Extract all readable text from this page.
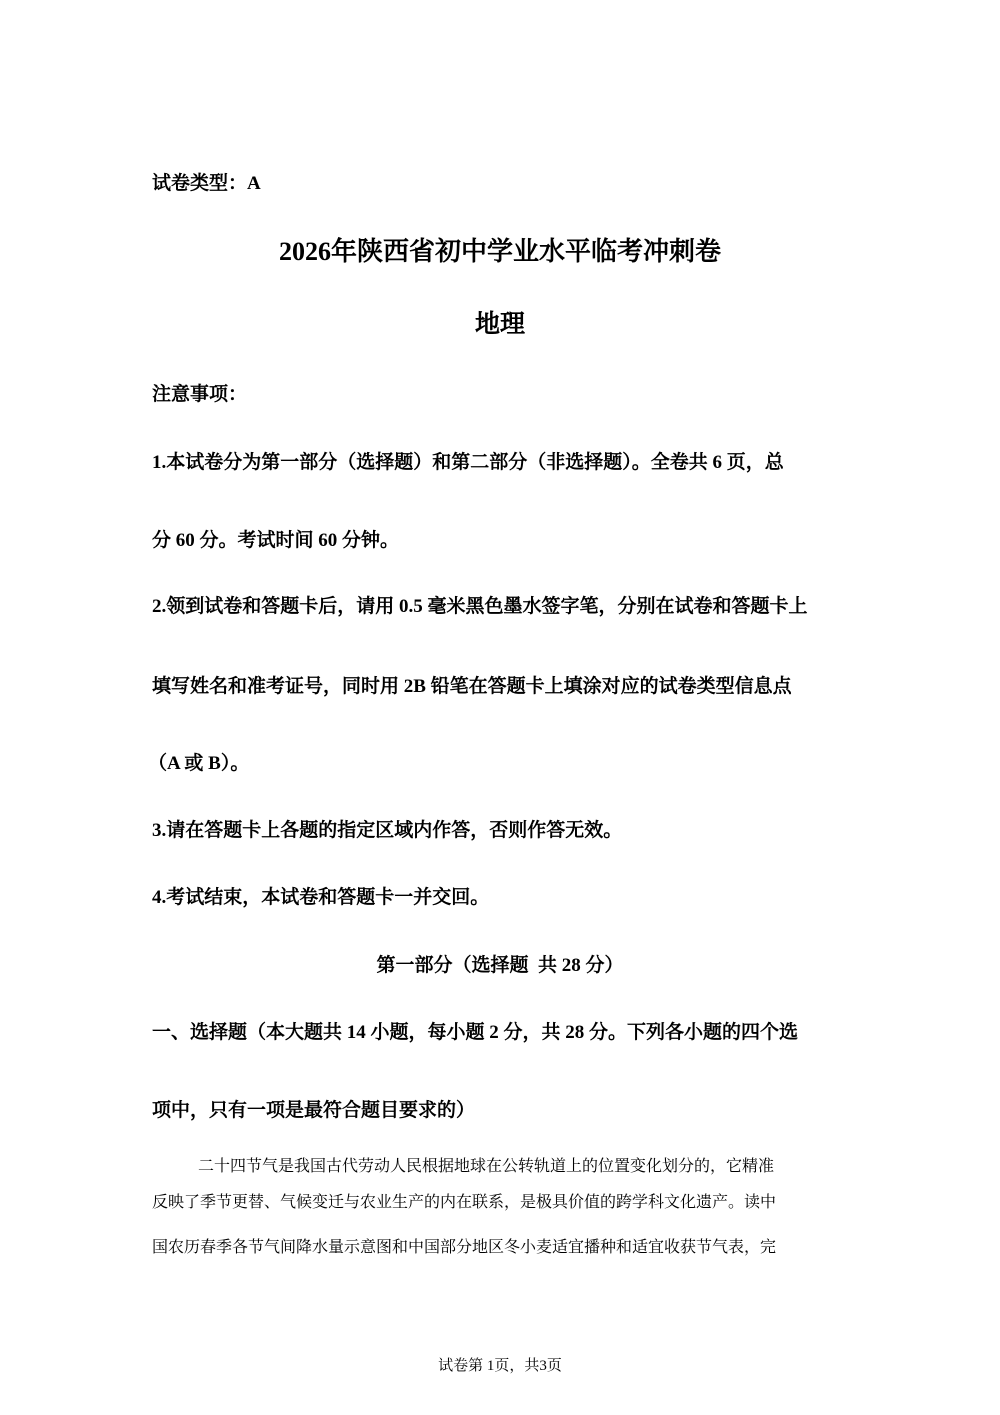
试卷类型：A
2026年陕西省初中学业水平临考冲刺卷
地理
注意事项：
1.本试卷分为第一部分（选择题）和第二部分（非选择题）。全卷共 6 页，总
分 60 分。考试时间 60 分钟。
2.领到试卷和答题卡后，请用 0.5 毫米黑色墨水签字笔，分别在试卷和答题卡上
填写姓名和准考证号，同时用 2B 铅笔在答题卡上填涂对应的试卷类型信息点
（A 或 B）。
3.请在答题卡上各题的指定区域内作答，否则作答无效。
4.考试结束，本试卷和答题卡一并交回。
第一部分（选择题  共 28 分）
一、选择题（本大题共 14 小题，每小题 2 分，共 28 分。下列各小题的四个选
项中，只有一项是最符合题目要求的）
二十四节气是我国古代劳动人民根据地球在公转轨道上的位置变化划分的，它精准
反映了季节更替、气候变迁与农业生产的内在联系，是极具价值的跨学科文化遗产。读中
国农历春季各节气间降水量示意图和中国部分地区冬小麦适宜播种和适宜收获节气表，完
试卷第 1页，共3页
